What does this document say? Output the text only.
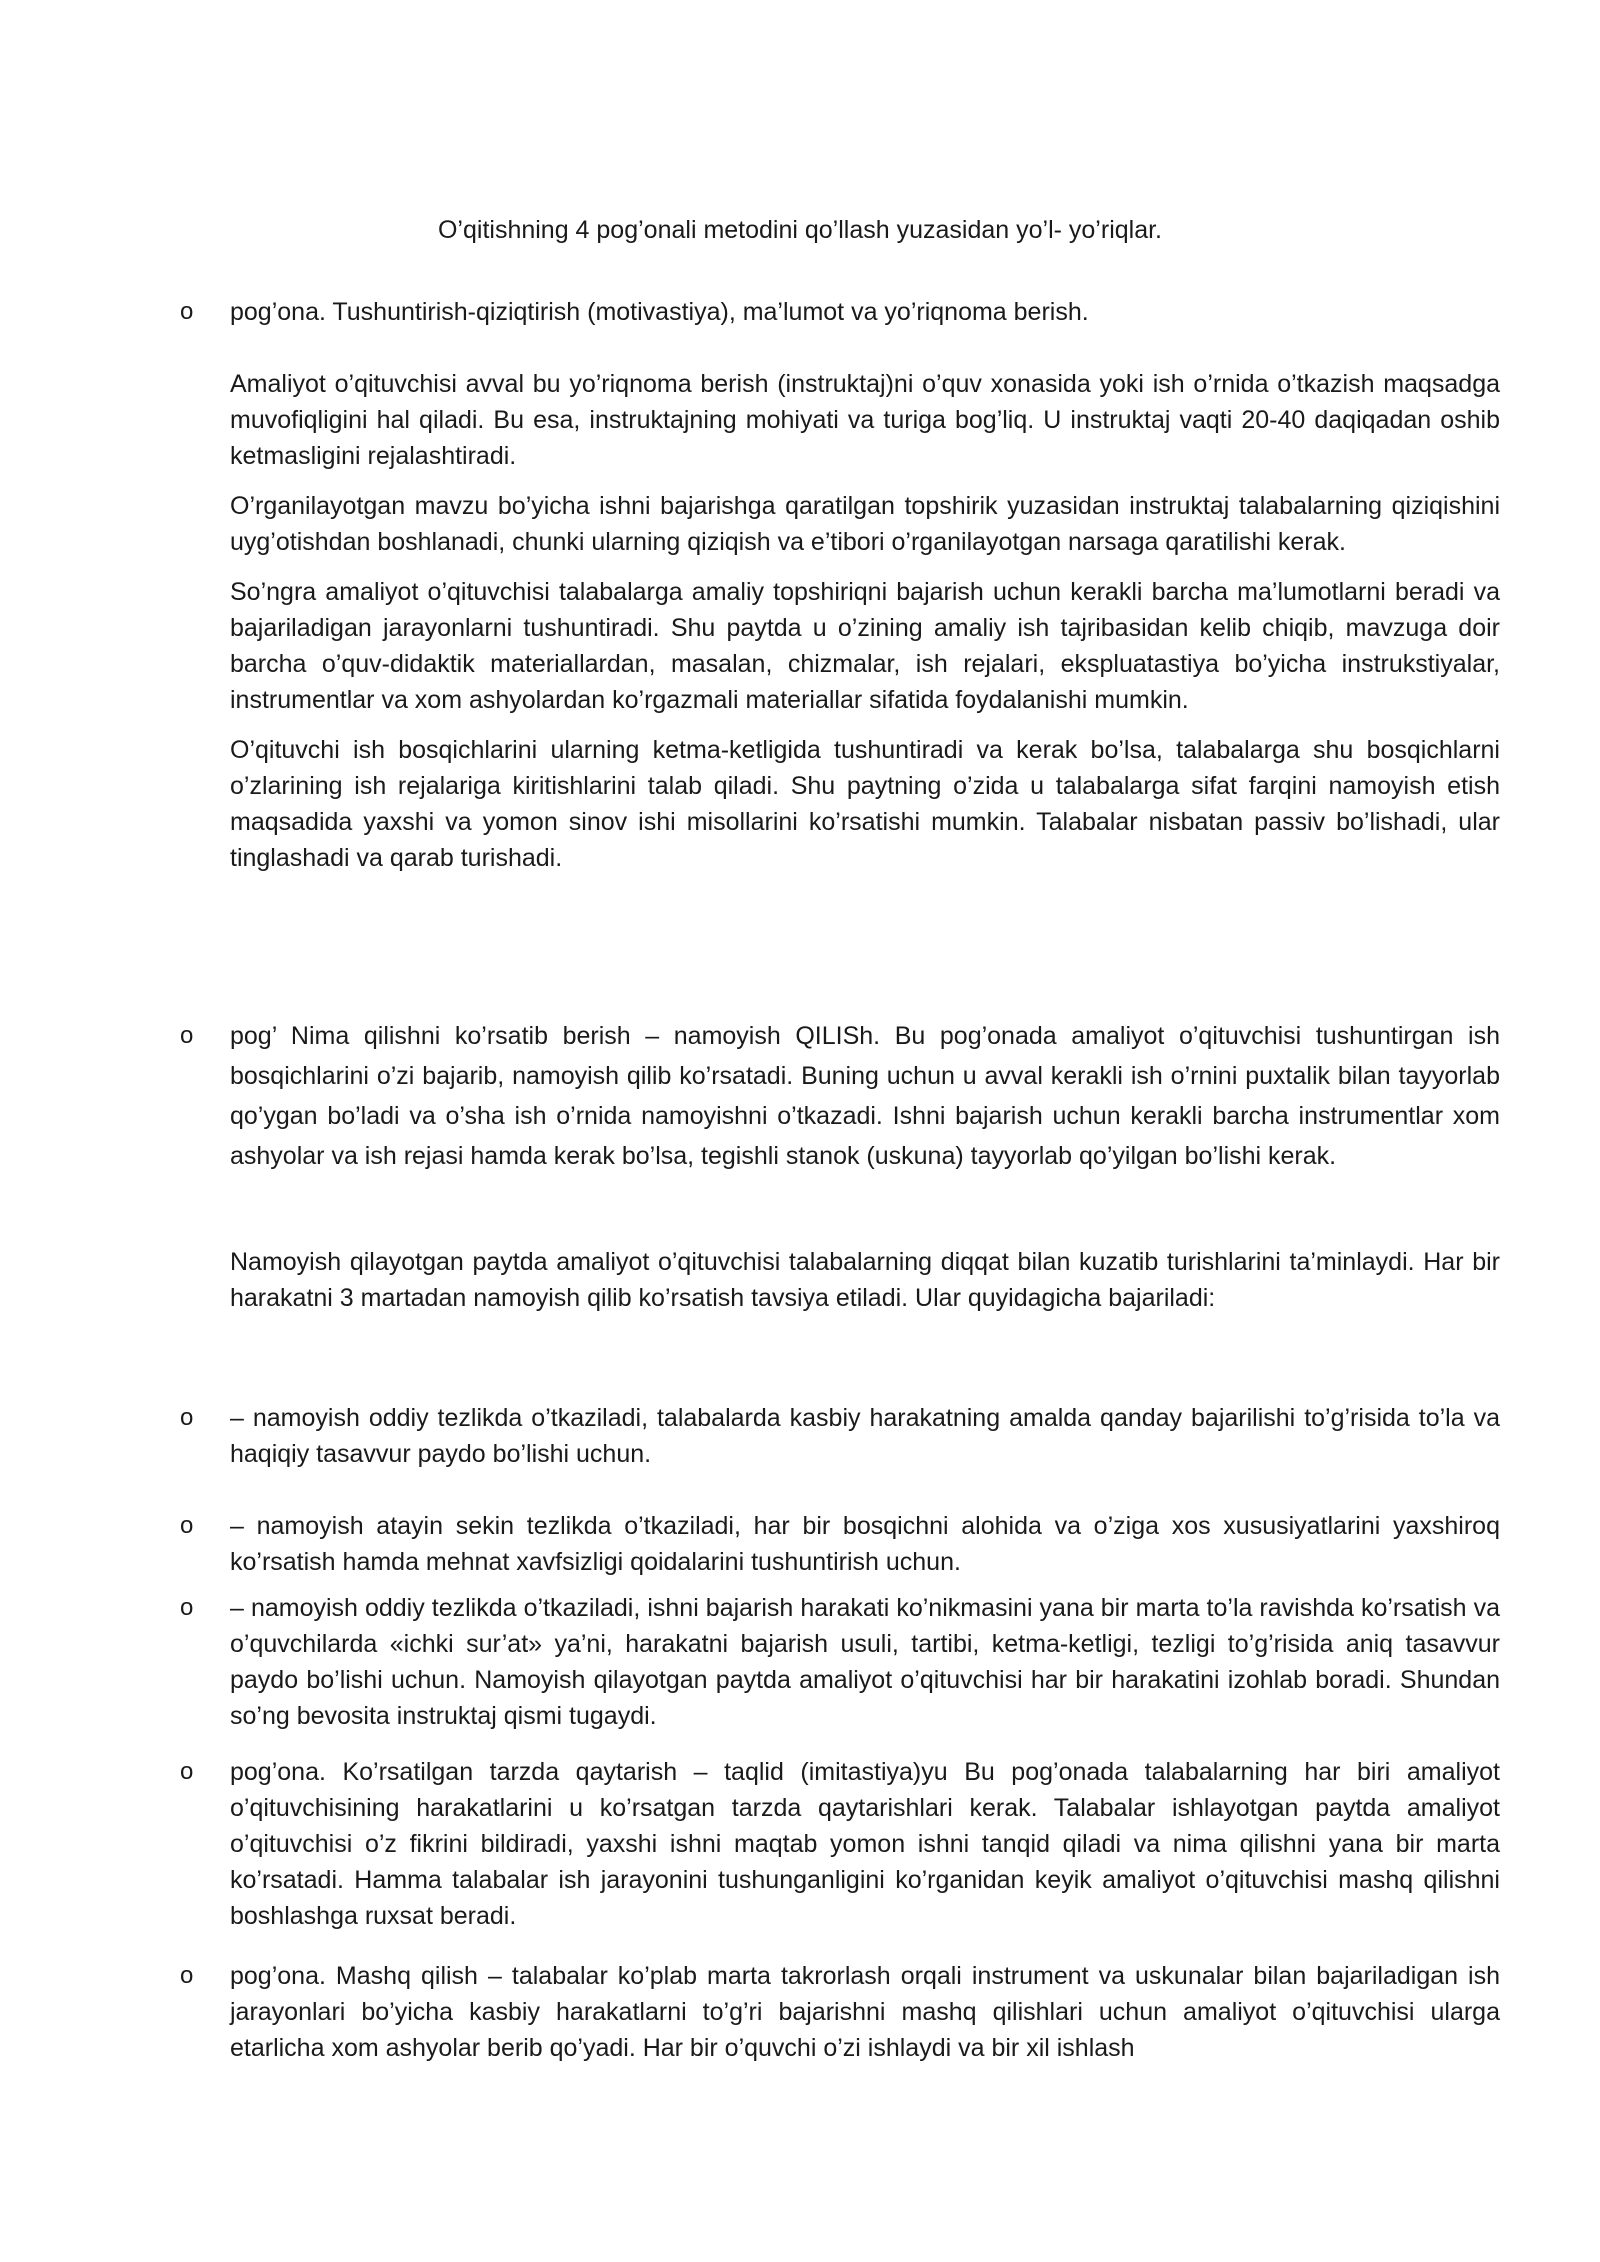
O’qitishning 4 pog’onali metodini qo’llash yuzasidan yo’l- yo’riqlar.
o pog’ona. Tushuntirish-qiziqtirish (motivastiya), ma’lumot va yo’riqnoma berish.

Amaliyot o’qituvchisi avval bu yo’riqnoma berish (instruktaj)ni o’quv xonasida yoki ish o’rnida o’tkazish maqsadga muvofiqligini hal qiladi. Bu esa, instruktajning mohiyati va turiga bog’liq. U instruktaj vaqti 20-40 daqiqadan oshib ketmasligini rejalashtiradi.

O’rganilayotgan mavzu bo’yicha ishni bajarishga qaratilgan topshirik yuzasidan instruktaj talabalarning qiziqishini uyg’otishdan boshlanadi, chunki ularning qiziqish va e’tibori o’rganilayotgan narsaga qaratilishi kerak.

So’ngra amaliyot o’qituvchisi talabalarga amaliy topshiriqni bajarish uchun kerakli barcha ma’lumotlarni beradi va bajariladigan jarayonlarni tushuntiradi. Shu paytda u o’zining amaliy ish tajribasidan kelib chiqib, mavzuga doir barcha o’quv-didaktik materiallardan, masalan, chizmalar, ish rejalari, ekspluatastiya bo’yicha instrukstiyalar, instrumentlar va xom ashyolardan ko’rgazmali materiallar sifatida foydalanishi mumkin.

O’qituvchi ish bosqichlarini ularning ketma-ketligida tushuntiradi va kerak bo’lsa, talabalarga shu bosqichlarni o’zlarining ish rejalariga kiritishlarini talab qiladi. Shu paytning o’zida u talabalarga sifat farqini namoyish etish maqsadida yaxshi va yomon sinov ishi misollarini ko’rsatishi mumkin. Talabalar nisbatan passiv bo’lishadi, ular tinglashadi va qarab turishadi.

o pog’ Nima qilishni ko’rsatib berish – namoyish QILISh. Bu pog’onada amaliyot o’qituvchisi tushuntirgan ish bosqichlarini o’zi bajarib, namoyish qilib ko’rsatadi. Buning uchun u avval kerakli ish o’rnini puxtalik bilan tayyorlab qo’ygan bo’ladi va o’sha ish o’rnida namoyishni o’tkazadi. Ishni bajarish uchun kerakli barcha instrumentlar xom ashyolar va ish rejasi hamda kerak bo’lsa, tegishli stanok (uskuna) tayyorlab qo’yilgan bo’lishi kerak.

Namoyish qilayotgan paytda amaliyot o’qituvchisi talabalarning diqqat bilan kuzatib turishlarini ta’minlaydi. Har bir harakatni 3 martadan namoyish qilib ko’rsatish tavsiya etiladi. Ular quyidagicha bajariladi:

o – namoyish oddiy tezlikda o’tkaziladi, talabalarda kasbiy harakatning amalda qanday bajarilishi to’g’risida to’la va haqiqiy tasavvur paydo bo’lishi uchun.

o – namoyish atayin sekin tezlikda o’tkaziladi, har bir bosqichni alohida va o’ziga xos xususiyatlarini yaxshiroq ko’rsatish hamda mehnat xavfsizligi qoidalarini tushuntirish uchun.

o – namoyish oddiy tezlikda o’tkaziladi, ishni bajarish harakati ko’nikmasini yana bir marta to’la ravishda ko’rsatish va o’quvchilarda «ichki sur’at» ya’ni, harakatni bajarish usuli, tartibi, ketma-ketligi, tezligi to’g’risida aniq tasavvur paydo bo’lishi uchun. Namoyish qilayotgan paytda amaliyot o’qituvchisi har bir harakatini izohlab boradi. Shundan so’ng bevosita instruktaj qismi tugaydi.

o pog’ona. Ko’rsatilgan tarzda qaytarish – taqlid (imitastiya)yu Bu pog’onada talabalarning har biri amaliyot o’qituvchisining harakatlarini u ko’rsatgan tarzda qaytarishlari kerak. Talabalar ishlayotgan paytda amaliyot o’qituvchisi o’z fikrini bildiradi, yaxshi ishni maqtab yomon ishni tanqid qiladi va nima qilishni yana bir marta ko’rsatadi. Hamma talabalar ish jarayonini tushunganligini ko’rganidan keyik amaliyot o’qituvchisi mashq qilishni boshlashga ruxsat beradi.

o pog’ona. Mashq qilish – talabalar ko’plab marta takrorlash orqali instrument va uskunalar bilan bajariladigan ish jarayonlari bo’yicha kasbiy harakatlarni to’g’ri bajarishni mashq qilishlari uchun amaliyot o’qituvchisi ularga etarlicha xom ashyolar berib qo’yadi. Har bir o’quvchi o’zi ishlaydi va bir xil ishlash
